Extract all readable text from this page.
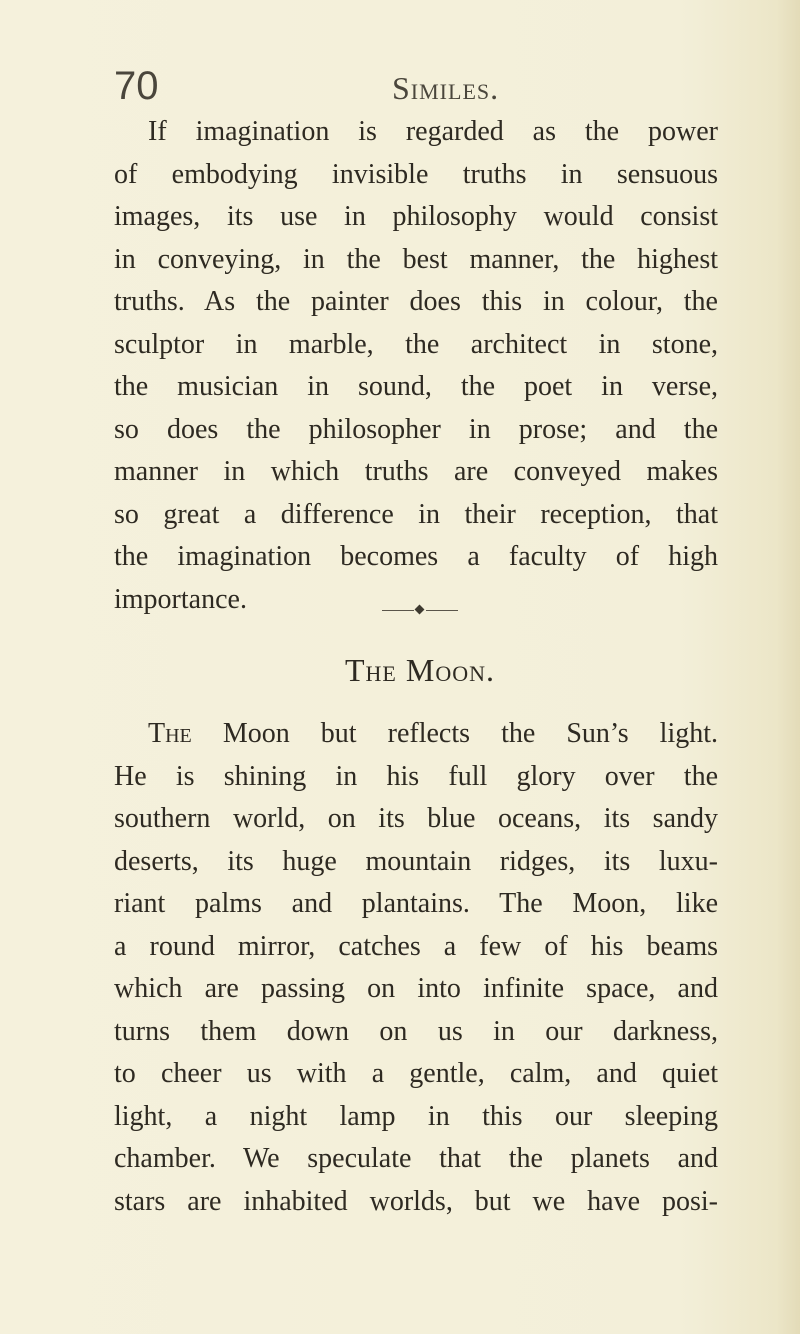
70	Similes.
If imagination is regarded as the power
of embodying invisible truths in sensuous
images, its use in philosophy would consist
in conveying, in the best manner, the highest
truths. As the painter does this in colour, the
sculptor in marble, the architect in stone,
the musician in sound, the poet in verse,
so does the philosopher in prose; and the
manner in which truths are conveyed makes
so great a difference in their reception, that
the imagination becomes a faculty of high
importance.
The Moon.
The Moon but reflects the Sun’s light.
He is shining in his full glory over the
southern world, on its blue oceans, its sandy
deserts, its huge mountain ridges, its luxu-
riant palms and plantains. The Moon, like
a round mirror, catches a few of his beams
which are passing on into infinite space, and
turns them down on us in our darkness,
to cheer us with a gentle, calm, and quiet
light, a night lamp in this our sleeping
chamber. We speculate that the planets and
stars are inhabited worlds, but we have posi-
